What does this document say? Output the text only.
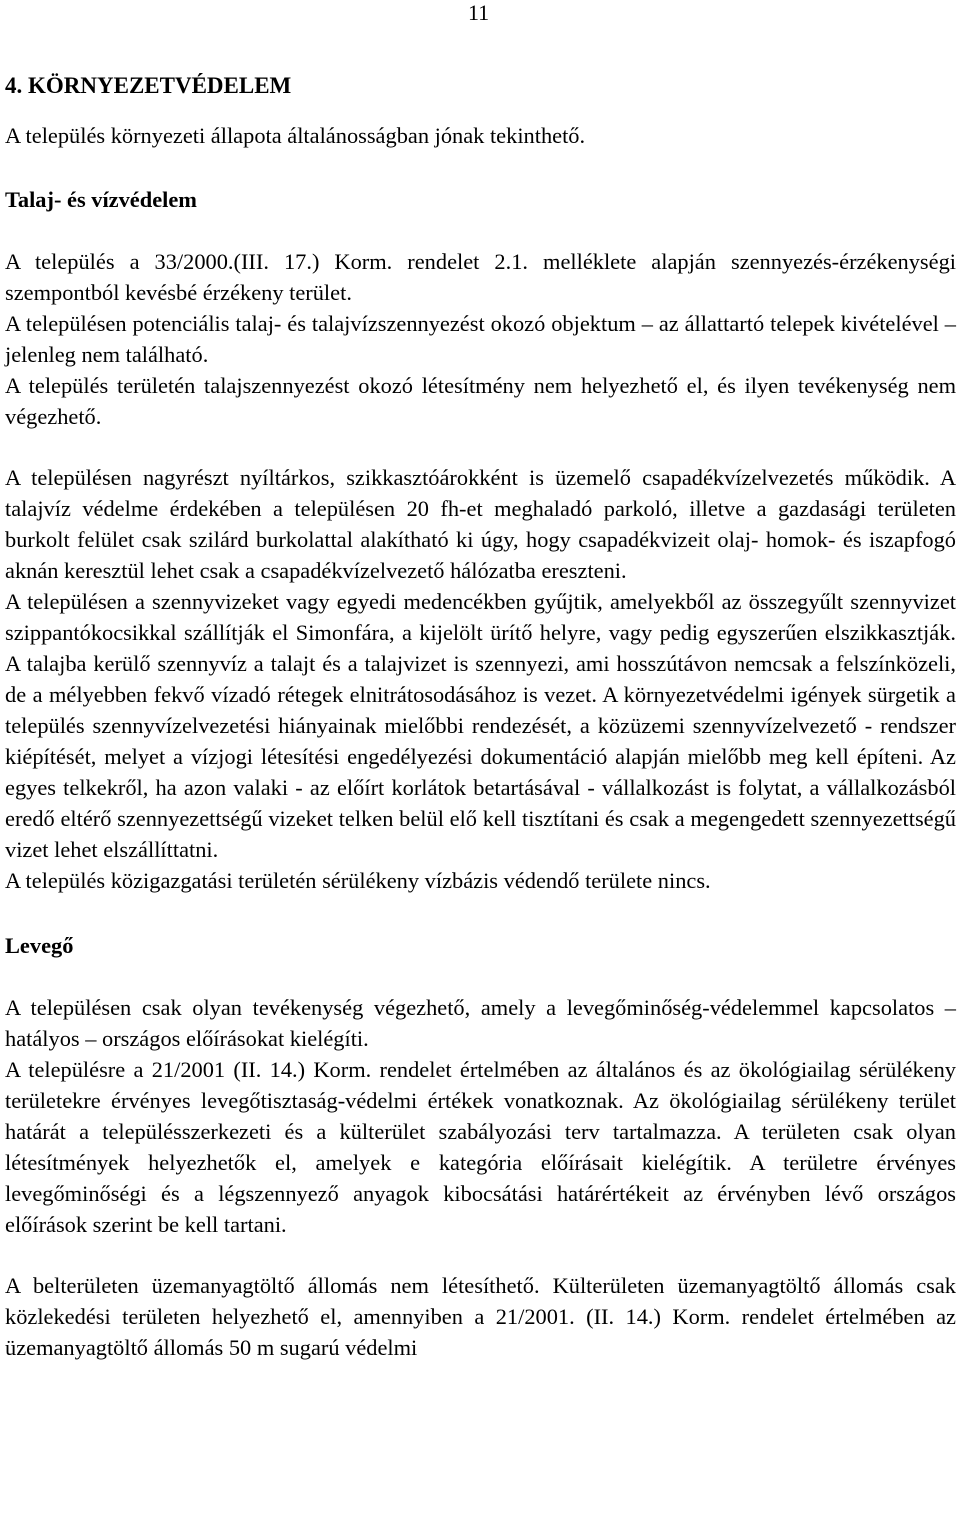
11
4. KÖRNYEZETVÉDELEM

A település környezeti állapota általánosságban jónak tekinthető.

Talaj- és vízvédelem

A település a 33/2000.(III. 17.) Korm. rendelet 2.1. melléklete alapján szennyezés-érzékenységi szempontból kevésbé érzékeny terület.

A településen potenciális talaj- és talajvízszennyezést okozó objektum – az állattartó telepek kivételével – jelenleg nem található.

A település területén talajszennyezést okozó létesítmény nem helyezhető el, és ilyen tevékenység nem végezhető.

A településen nagyrészt nyíltárkos, szikkasztóárokként is üzemelő csapadékvízelvezetés működik. A talajvíz védelme érdekében a településen 20 fh-et meghaladó parkoló, illetve a gazdasági területen burkolt felület csak szilárd burkolattal alakítható ki úgy, hogy csapadékvizeit olaj- homok- és iszapfogó aknán keresztül lehet csak a csapadékvízelvezető hálózatba ereszteni.

A településen a szennyvizeket vagy egyedi medencékben gyűjtik, amelyekből az összegyűlt szennyvizet szippantókocsikkal szállítják el Simonfára, a kijelölt ürítő helyre, vagy pedig egyszerűen elszikkasztják. A talajba kerülő szennyvíz a talajt és a talajvizet is szennyezi, ami hosszútávon nemcsak a felszínközeli, de a mélyebben fekvő vízadó rétegek elnitrátosodásához is vezet. A környezetvédelmi igények sürgetik a település szennyvízelvezetési hiányainak mielőbbi rendezését, a közüzemi szennyvízelvezető - rendszer kiépítését, melyet a vízjogi létesítési engedélyezési dokumentáció alapján mielőbb meg kell építeni. Az egyes telkekről, ha azon valaki - az előírt korlátok betartásával - vállalkozást is folytat, a vállalkozásból eredő eltérő szennyezettségű vizeket telken belül elő kell tisztítani és csak a megengedett szennyezettségű vizet lehet elszállíttatni.

A település közigazgatási területén sérülékeny vízbázis védendő területe nincs.

Levegő

A településen csak olyan tevékenység végezhető, amely a levegőminőség-védelemmel kapcsolatos – hatályos – országos előírásokat kielégíti.

A településre a 21/2001 (II. 14.) Korm. rendelet értelmében az általános és az ökológiailag sérülékeny területekre érvényes levegőtisztaság-védelmi értékek vonatkoznak. Az ökológiailag sérülékeny terület határát a településszerkezeti és a külterület szabályozási terv tartalmazza. A területen csak olyan létesítmények helyezhetők el, amelyek e kategória előírásait kielégítik. A területre érvényes levegőminőségi és a légszennyező anyagok kibocsátási határértékeit az érvényben lévő országos előírások szerint be kell tartani.

A belterületen üzemanyagtöltő állomás nem létesíthető. Külterületen üzemanyagtöltő állomás csak közlekedési területen helyezhető el, amennyiben a 21/2001. (II. 14.) Korm. rendelet értelmében az üzemanyagtöltő állomás 50 m sugarú védelmi
